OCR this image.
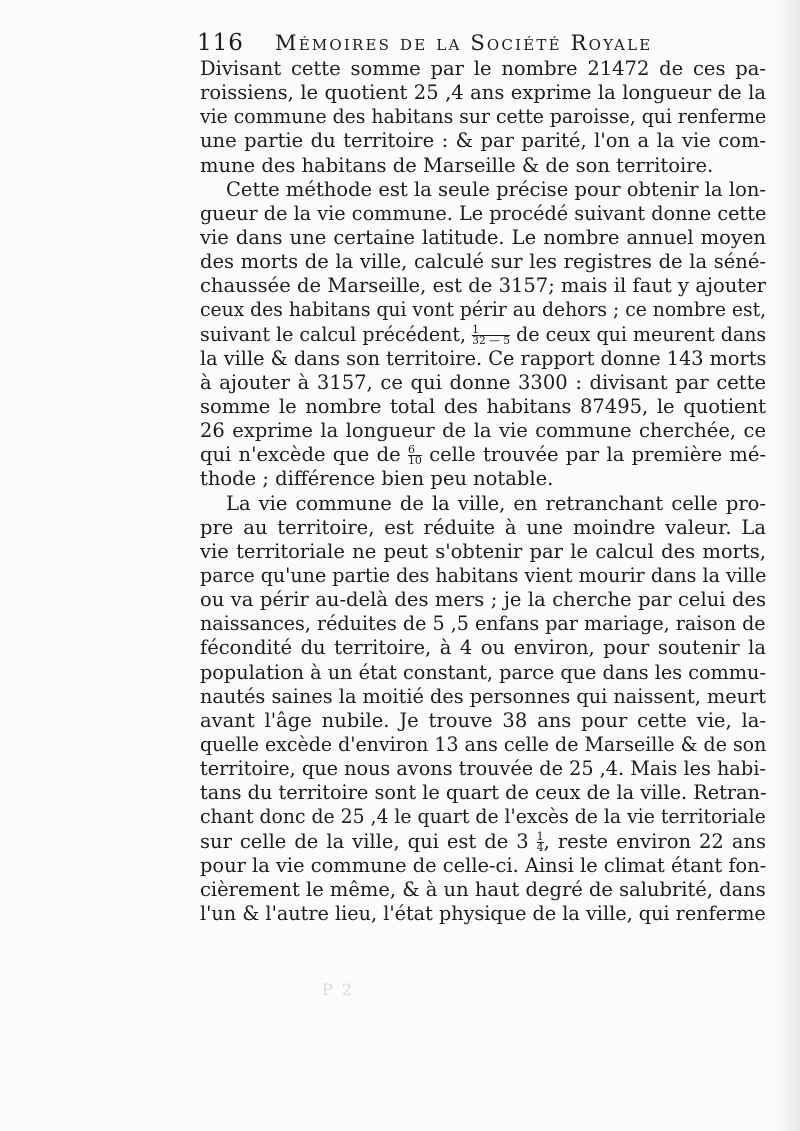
116 Mémoires de la Société Royale
Divisant cette somme par le nombre 21472 de ces pa-
roissiens, le quotient 25 ,4 ans exprime la longueur de la
vie commune des habitans sur cette paroisse, qui renferme
une partie du territoire : & par parité, l'on a la vie com-
mune des habitans de Marseille & de son territoire.
Cette méthode est la seule précise pour obtenir la lon-
gueur de la vie commune. Le procédé suivant donne cette
vie dans une certaine latitude. Le nombre annuel moyen
des morts de la ville, calculé sur les registres de la séné-
chaussée de Marseille, est de 3157; mais il faut y ajouter
ceux des habitans qui vont périr au dehors ; ce nombre est,
suivant le calcul précédent, $\frac{1}{32 — 5}$ de ceux qui meurent dans
la ville & dans son territoire. Ce rapport donne 143 morts
à ajouter à 3157, ce qui donne 3300 : divisant par cette
somme le nombre total des habitans 87495, le quotient
26 exprime la longueur de la vie commune cherchée, ce
qui n'excède que de $\frac{6}{10}$ celle trouvée par la première mé-
thode ; différence bien peu notable.
La vie commune de la ville, en retranchant celle pro-
pre au territoire, est réduite à une moindre valeur. La
vie territoriale ne peut s'obtenir par le calcul des morts,
parce qu'une partie des habitans vient mourir dans la ville
ou va périr au-delà des mers ; je la cherche par celui des
naissances, réduites de 5 ,5 enfans par mariage, raison de
fécondité du territoire, à 4 ou environ, pour soutenir la
population à un état constant, parce que dans les commu-
nautés saines la moitié des personnes qui naissent, meurt
avant l'âge nubile. Je trouve 38 ans pour cette vie, la-
quelle excède d'environ 13 ans celle de Marseille & de son
territoire, que nous avons trouvée de 25 ,4. Mais les habi-
tans du territoire sont le quart de ceux de la ville. Retran-
chant donc de 25 ,4 le quart de l'excès de la vie territoriale
sur celle de la ville, qui est de $3 \frac{1}{4}$ , reste environ 22 ans
pour la vie commune de celle-ci. Ainsi le climat étant fon-
cièrement le même, & à un haut degré de salubrité, dans
l'un & l'autre lieu, l'état physique de la ville, qui renferme
P 2
